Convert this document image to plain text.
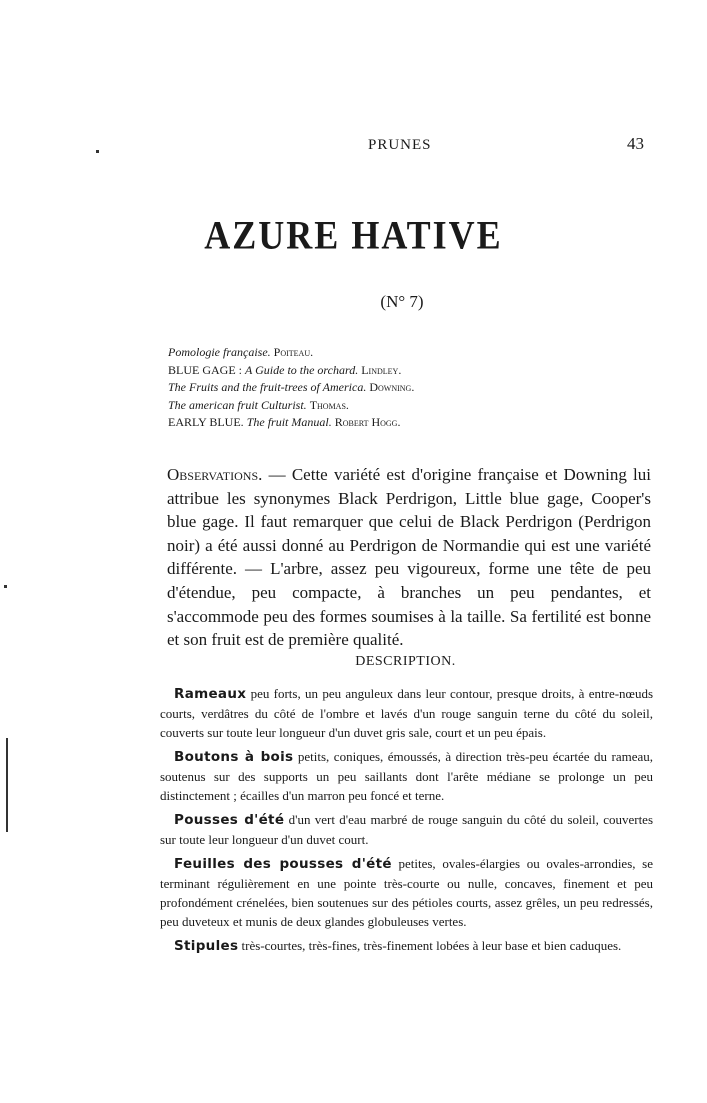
PRUNES	43
AZURE HATIVE
(N° 7)
Pomologie française. Poiteau.
BLUE GAGE : A Guide to the orchard. Lindley.
The Fruits and the fruit-trees of America. Downing.
The american fruit Culturist. Thomas.
EARLY BLUE. The fruit Manual. Robert Hogg.
Observations. — Cette variété est d'origine française et Downing lui attribue les synonymes Black Perdrigon, Little blue gage, Cooper's blue gage. Il faut remarquer que celui de Black Perdrigon (Perdrigon noir) a été aussi donné au Perdrigon de Normandie qui est une variété différente. — L'arbre, assez peu vigoureux, forme une tête de peu d'étendue, peu compacte, à branches un peu pendantes, et s'accommode peu des formes soumises à la taille. Sa fertilité est bonne et son fruit est de première qualité.
DESCRIPTION.

Rameaux peu forts, un peu anguleux dans leur contour, presque droits, à entre-nœuds courts, verdâtres du côté de l'ombre et lavés d'un rouge sanguin terne du côté du soleil, couverts sur toute leur longueur d'un duvet gris sale, court et un peu épais.

Boutons à bois petits, coniques, émoussés, à direction très-peu écartée du rameau, soutenus sur des supports un peu saillants dont l'arête médiane se prolonge un peu distinctement ; écailles d'un marron peu foncé et terne.

Pousses d'été d'un vert d'eau marbré de rouge sanguin du côté du soleil, couvertes sur toute leur longueur d'un duvet court.

Feuilles des pousses d'été petites, ovales-élargies ou ovales-arrondies, se terminant régulièrement en une pointe très-courte ou nulle, concaves, finement et peu profondément crénelées, bien soutenues sur des pétioles courts, assez grêles, un peu redressés, peu duveteux et munis de deux glandes globuleuses vertes.

Stipules très-courtes, très-fines, très-finement lobées à leur base et bien caduques.
